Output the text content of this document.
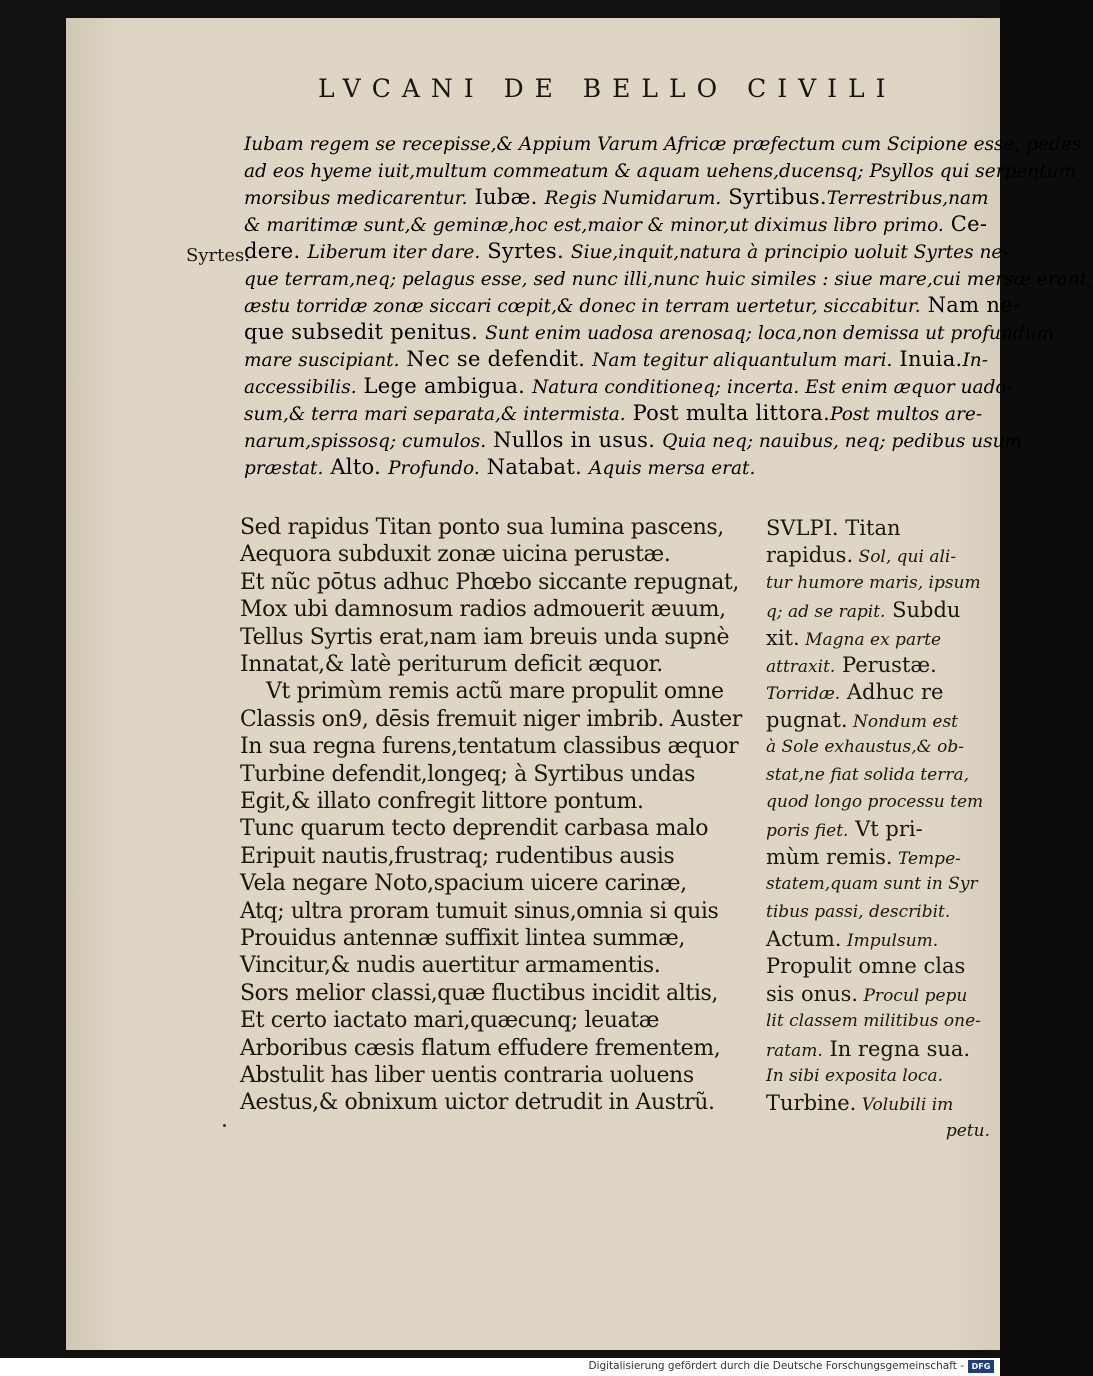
LVCANI DE BELLO CIVILI
Syrtes.
Iubam regem se recepisse,& Appium Varum Africæ præfectum cum Scipione esse, pedes
ad eos hyeme iuit,multum commeatum & aquam uehens,ducensq; Psyllos qui serpentum
morsibus medicarentur. Iubæ. Regis Numidarum. Syrtibus.Terrestribus,nam
& maritimæ sunt,& geminæ,hoc est,maior & minor,ut diximus libro primo. Ce-
dere. Liberum iter dare. Syrtes. Siue,inquit,natura à principio uoluit Syrtes ne-
que terram,neq; pelagus esse, sed nunc illi,nunc huic similes : siue mare,cui mersæ erant,
æstu torridæ zonæ siccari cœpit,& donec in terram uertetur, siccabitur. Nam ne-
que subsedit penitus. Sunt enim uadosa arenosaq; loca,non demissa ut profundum
mare suscipiant. Nec se defendit. Nam tegitur aliquantulum mari. Inuia.In-
accessibilis. Lege ambigua. Natura conditioneq; incerta. Est enim æquor uado-
sum,& terra mari separata,& intermista. Post multa littora.Post multos are-
narum,spissosq; cumulos. Nullos in usus. Quia neq; nauibus, neq; pedibus usum
præstat. Alto. Profundo. Natabat. Aquis mersa erat.
Sed rapidus Titan ponto sua lumina pascens,
Aequora subduxit zonæ uicina perustæ.
Et nũc pōtus adhuc Phœbo siccante repugnat,
Mox ubi damnosum radios admouerit æuum,
Tellus Syrtis erat,nam iam breuis unda supnè
Innatat,& latè periturum deficit æquor.
Vt primùm remis actũ mare propulit omne
Classis on9, dēsis fremuit niger imbrib. Auster
In sua regna furens,tentatum classibus æquor
Turbine defendit,longeq; à Syrtibus undas
Egit,& illato confregit littore pontum.
Tunc quarum tecto deprendit carbasa malo
Eripuit nautis,frustraq; rudentibus ausis
Vela negare Noto,spacium uicere carinæ,
Atq; ultra proram tumuit sinus,omnia si quis
Prouidus antennæ suffixit lintea summæ,
Vincitur,& nudis auertitur armamentis.
Sors melior classi,quæ fluctibus incidit altis,
Et certo iactato mari,quæcunq; leuatæ
Arboribus cæsis flatum effudere frementem,
Abstulit has liber uentis contraria uoluens
Aestus,& obnixum uictor detrudit in Austrũ.
SVLPI. Titan
rapidus. Sol, qui ali-
tur humore maris, ipsum
q; ad se rapit. Subdu
xit. Magna ex parte
attraxit. Perustæ.
Torridæ. Adhuc re
pugnat. Nondum est
à Sole exhaustus,& ob-
stat,ne fiat solida terra,
quod longo processu tem
poris fiet. Vt pri-
mùm remis. Tempe-
statem,quam sunt in Syr
tibus passi, describit.
Actum. Impulsum.
Propulit omne clas
sis onus. Procul pepu
lit classem militibus one-
ratam. In regna sua.
In sibi exposita loca.
Turbine. Volubili im
petu.
Digitalisierung gefördert durch die Deutsche Forschungsgemeinschaft - DFG
